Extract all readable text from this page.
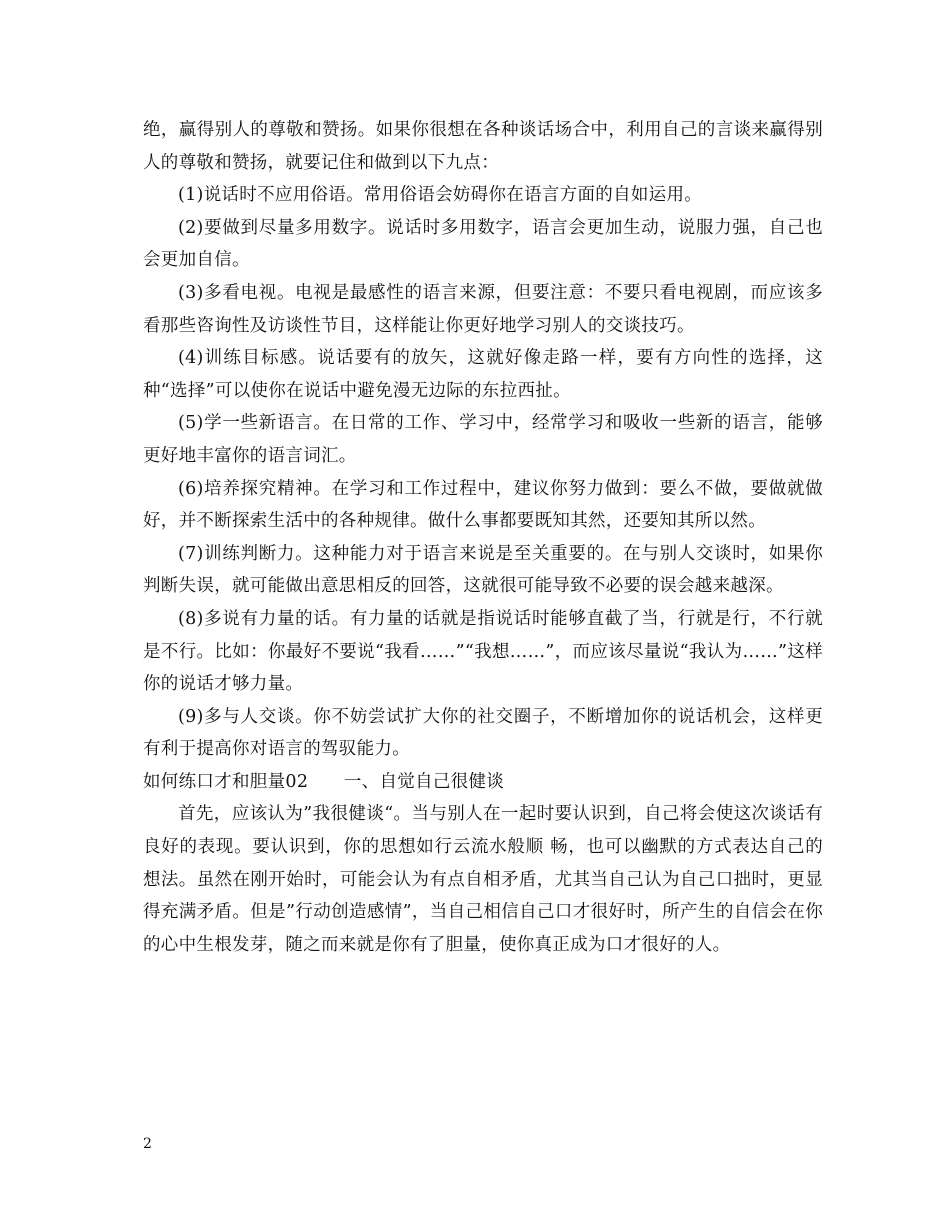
绝，赢得别人的尊敬和赞扬。如果你很想在各种谈话场合中，利用自己的言谈来赢得别人的尊敬和赞扬，就要记住和做到以下九点：

(1)说话时不应用俗语。常用俗语会妨碍你在语言方面的自如运用。

(2)要做到尽量多用数字。说话时多用数字，语言会更加生动，说服力强，自己也会更加自信。

(3)多看电视。电视是最感性的语言来源，但要注意：不要只看电视剧，而应该多看那些咨询性及访谈性节目，这样能让你更好地学习别人的交谈技巧。

(4)训练目标感。说话要有的放矢，这就好像走路一样，要有方向性的选择，这种“选择”可以使你在说话中避免漫无边际的东拉西扯。

(5)学一些新语言。在日常的工作、学习中，经常学习和吸收一些新的语言，能够更好地丰富你的语言词汇。

(6)培养探究精神。在学习和工作过程中，建议你努力做到：要么不做，要做就做好，并不断探索生活中的各种规律。做什么事都要既知其然，还要知其所以然。

(7)训练判断力。这种能力对于语言来说是至关重要的。在与别人交谈时，如果你判断失误，就可能做出意思相反的回答，这就很可能导致不必要的误会越来越深。

(8)多说有力量的话。有力量的话就是指说话时能够直截了当，行就是行，不行就是不行。比如：你最好不要说“我看……”“我想……”，而应该尽量说“我认为……”这样你的说话才够力量。

(9)多与人交谈。你不妨尝试扩大你的社交圈子，不断增加你的说话机会，这样更有利于提高你对语言的驾驭能力。

如何练口才和胆量02　　一、自觉自己很健谈

首先，应该认为”我很健谈“。当与别人在一起时要认识到，自己将会使这次谈话有良好的表现。要认识到，你的思想如行云流水般顺 畅，也可以幽默的方式表达自己的想法。虽然在刚开始时，可能会认为有点自相矛盾，尤其当自己认为自己口拙时，更显得充满矛盾。但是”行动创造感情”，当自己相信自己口才很好时，所产生的自信会在你的心中生根发芽，随之而来就是你有了胆量，使你真正成为口才很好的人。

2
